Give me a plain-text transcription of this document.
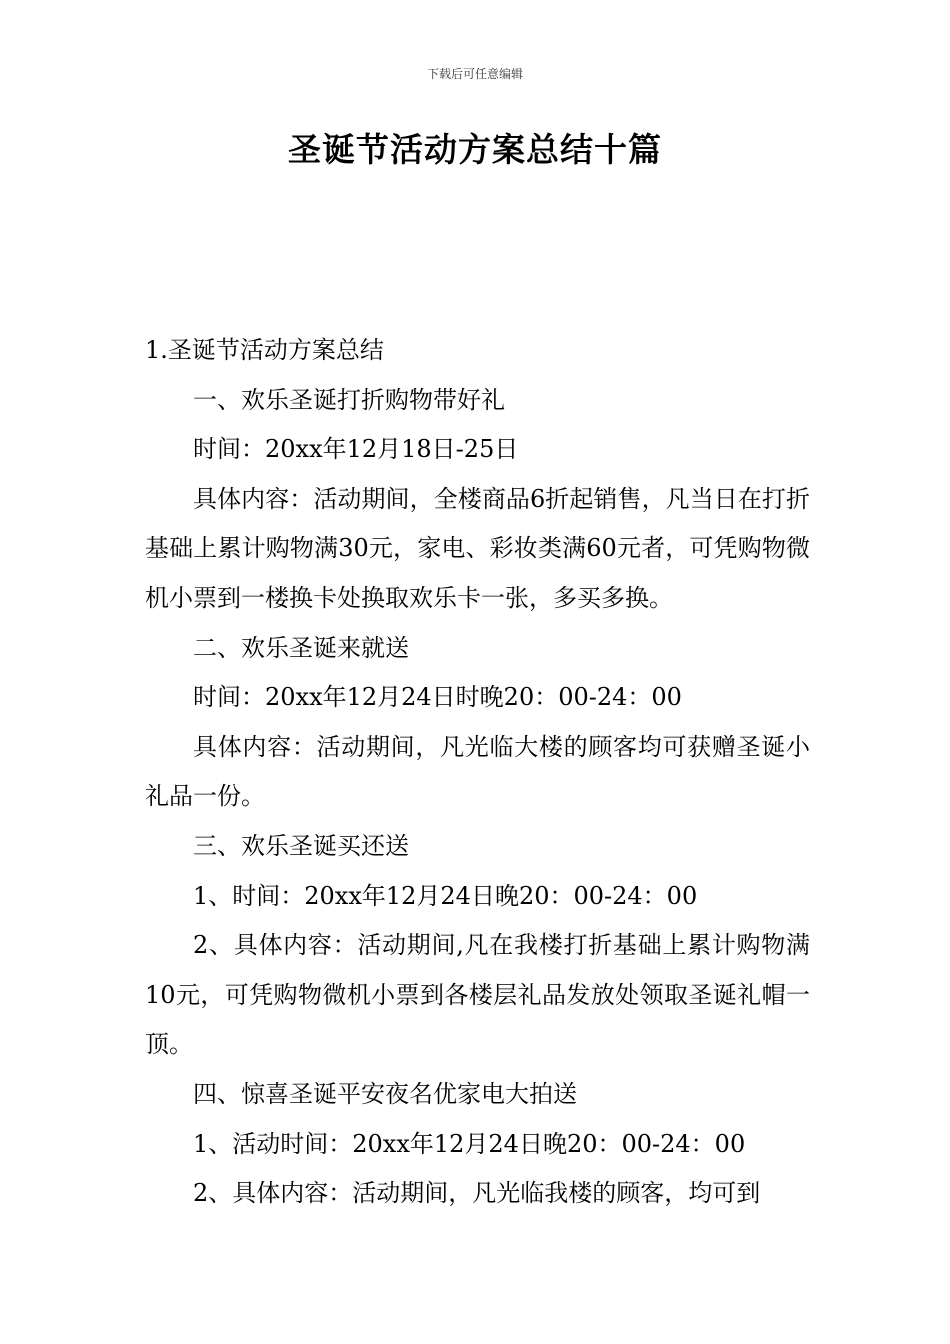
下载后可任意编辑
圣诞节活动方案总结十篇

1.圣诞节活动方案总结

一、欢乐圣诞打折购物带好礼

时间：20xx年12月18日-25日

具体内容：活动期间，全楼商品6折起销售，凡当日在打折基础上累计购物满30元，家电、彩妆类满60元者，可凭购物微机小票到一楼换卡处换取欢乐卡一张，多买多换。

二、欢乐圣诞来就送

时间：20xx年12月24日时晚20：00-24：00

具体内容：活动期间，凡光临大楼的顾客均可获赠圣诞小礼品一份。

三、欢乐圣诞买还送

1、时间：20xx年12月24日晚20：00-24：00

2、具体内容：活动期间,凡在我楼打折基础上累计购物满10元，可凭购物微机小票到各楼层礼品发放处领取圣诞礼帽一顶。

四、惊喜圣诞平安夜名优家电大拍送

1、活动时间：20xx年12月24日晚20：00-24：00

2、具体内容：活动期间，凡光临我楼的顾客，均可到
